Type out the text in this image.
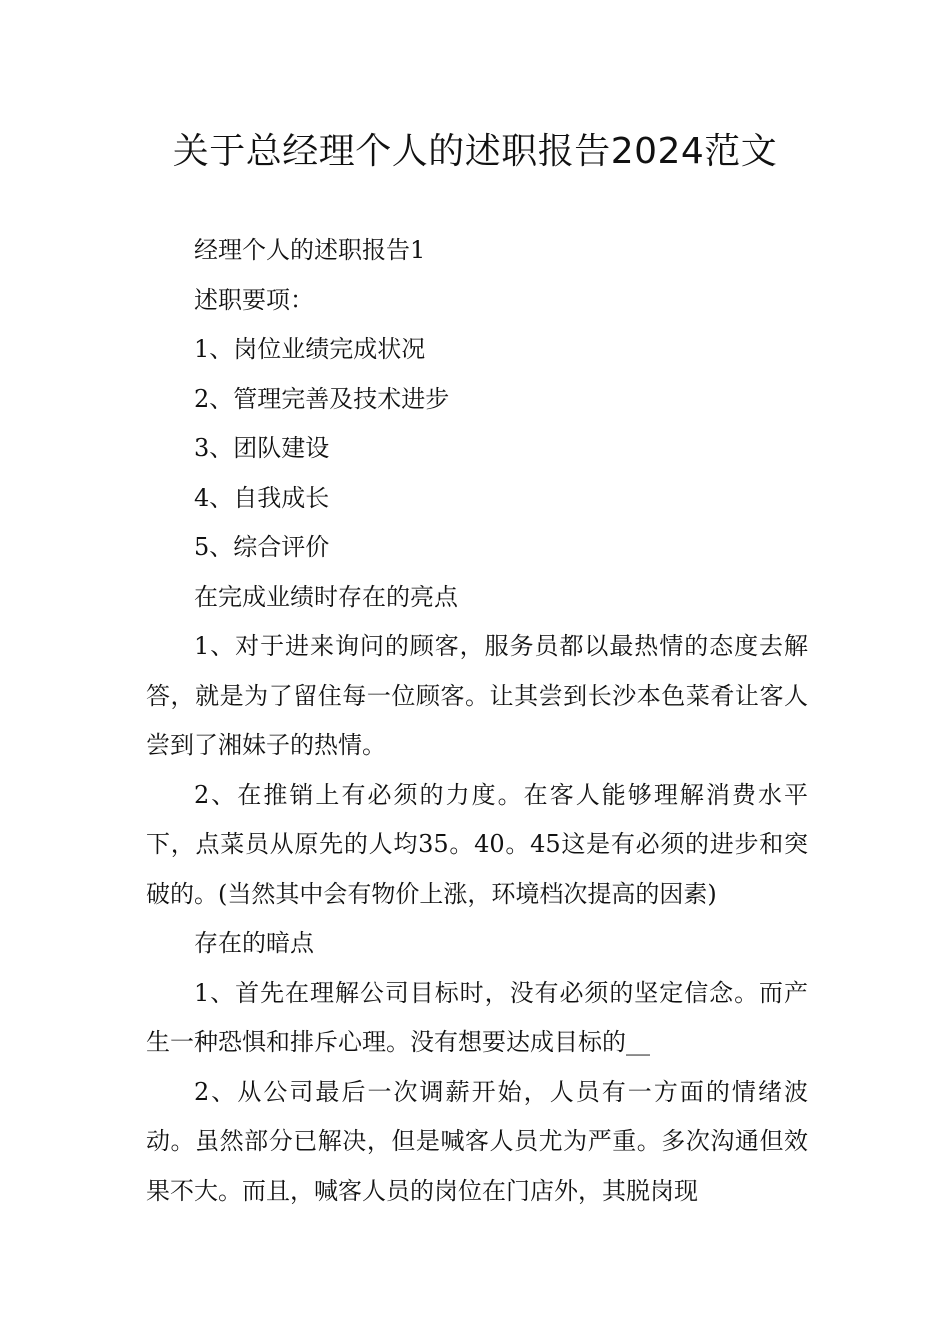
关于总经理个人的述职报告2024范文

经理个人的述职报告1

述职要项：

1、岗位业绩完成状况

2、管理完善及技术进步

3、团队建设

4、自我成长

5、综合评价

在完成业绩时存在的亮点

1、对于进来询问的顾客，服务员都以最热情的态度去解答，就是为了留住每一位顾客。让其尝到长沙本色菜肴让客人尝到了湘妹子的热情。

2、在推销上有必须的力度。在客人能够理解消费水平下，点菜员从原先的人均35。40。45这是有必须的进步和突破的。(当然其中会有物价上涨，环境档次提高的因素)

存在的暗点

1、首先在理解公司目标时，没有必须的坚定信念。而产生一种恐惧和排斥心理。没有想要达成目标的__

2、从公司最后一次调薪开始，人员有一方面的情绪波动。虽然部分已解决，但是喊客人员尤为严重。多次沟通但效果不大。而且，喊客人员的岗位在门店外，其脱岗现
